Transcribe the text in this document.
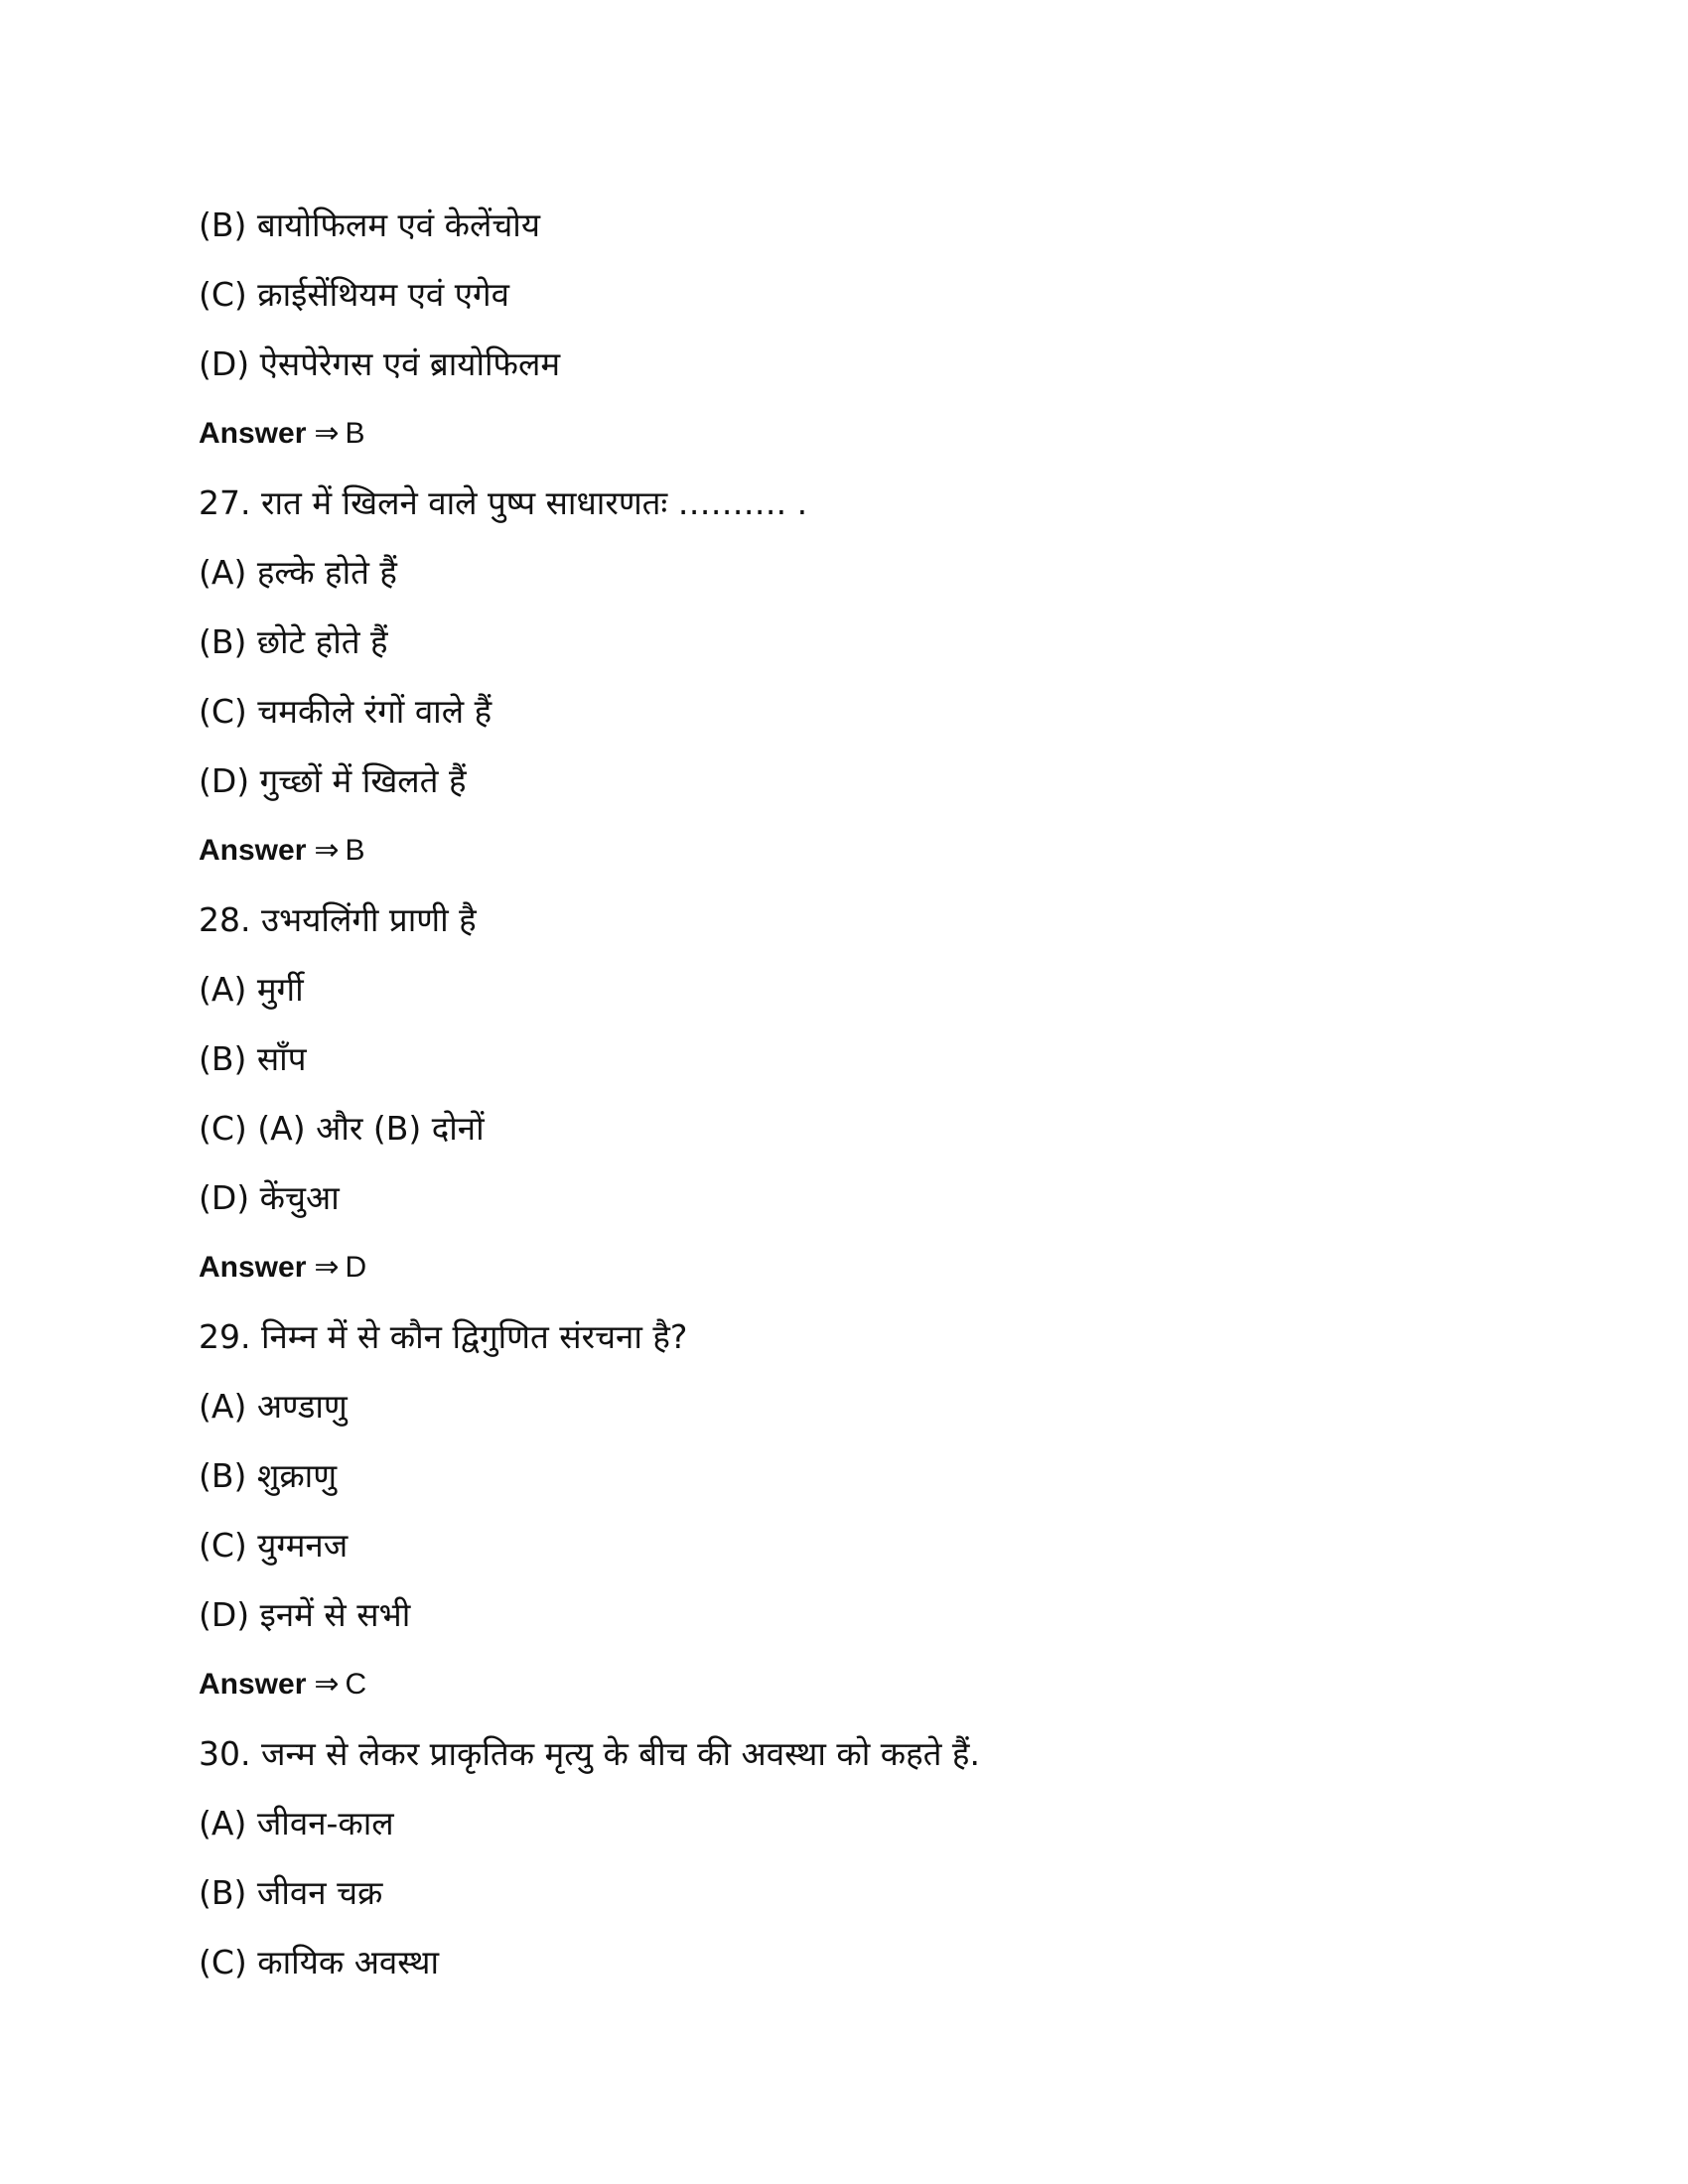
(B) बायोफिलम एवं केलेंचोय
(C) क्राईसेंथियम एवं एगेव
(D) ऐसपेरेगस एवं ब्रायोफिलम
Answer ⇒ B
27. रात में खिलने वाले पुष्प साधारणतः ………. .
(A) हल्के होते हैं
(B) छोटे होते हैं
(C) चमकीले रंगों वाले हैं
(D) गुच्छों में खिलते हैं
Answer ⇒ B
28. उभयलिंगी प्राणी है
(A) मुर्गी
(B) साँप
(C) (A) और (B) दोनों
(D) केंचुआ
Answer ⇒ D
29. निम्न में से कौन द्विगुणित संरचना है?
(A) अण्डाणु
(B) शुक्राणु
(C) युग्मनज
(D) इनमें से सभी
Answer ⇒ C
30. जन्म से लेकर प्राकृतिक मृत्यु के बीच की अवस्था को कहते हैं.
(A) जीवन-काल
(B) जीवन चक्र
(C) कायिक अवस्था
